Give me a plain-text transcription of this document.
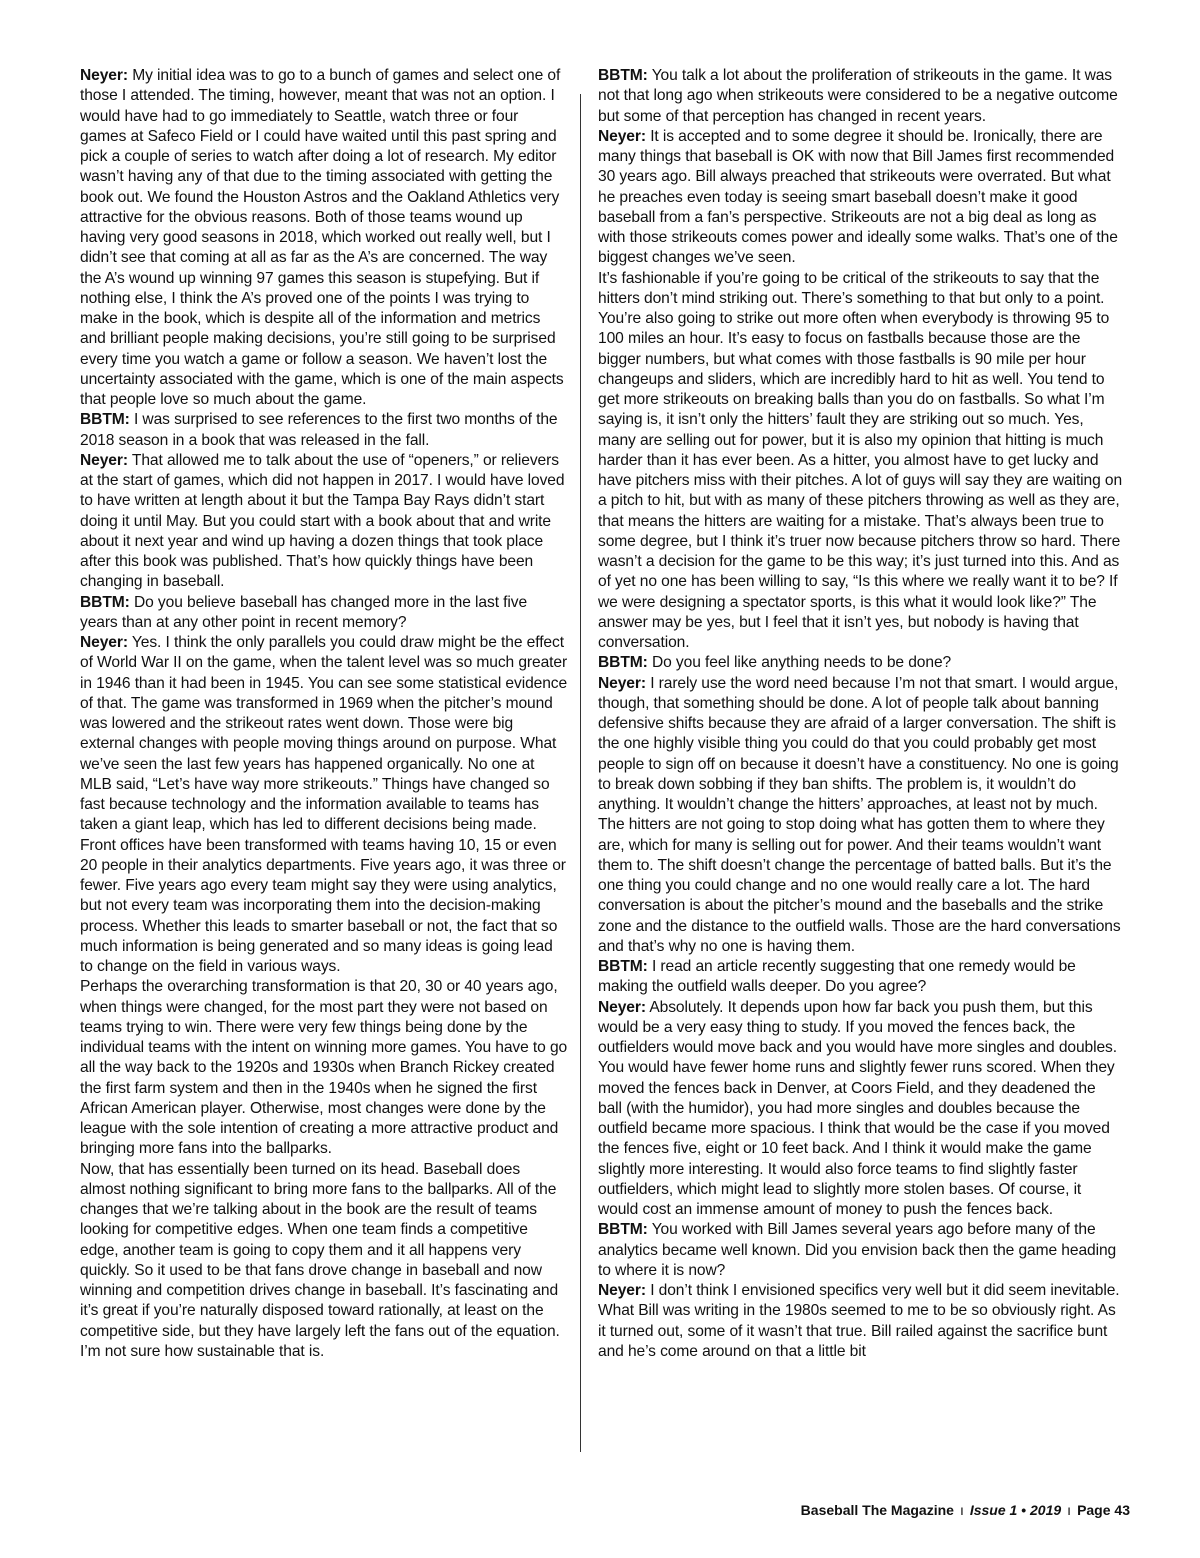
Neyer: My initial idea was to go to a bunch of games and select one of those I attended. The timing, however, meant that was not an option. I would have had to go immediately to Seattle, watch three or four games at Safeco Field or I could have waited until this past spring and pick a couple of series to watch after doing a lot of research. My editor wasn’t having any of that due to the timing associated with getting the book out. We found the Houston Astros and the Oakland Athletics very attractive for the obvious reasons. Both of those teams wound up having very good seasons in 2018, which worked out really well, but I didn’t see that coming at all as far as the A’s are concerned. The way the A’s wound up winning 97 games this season is stupefying. But if nothing else, I think the A’s proved one of the points I was trying to make in the book, which is despite all of the information and metrics and brilliant people making decisions, you’re still going to be surprised every time you watch a game or follow a season. We haven’t lost the uncertainty associated with the game, which is one of the main aspects that people love so much about the game.

BBTM: I was surprised to see references to the first two months of the 2018 season in a book that was released in the fall.

Neyer: That allowed me to talk about the use of “openers,” or relievers at the start of games, which did not happen in 2017. I would have loved to have written at length about it but the Tampa Bay Rays didn’t start doing it until May. But you could start with a book about that and write about it next year and wind up having a dozen things that took place after this book was published. That’s how quickly things have been changing in baseball.

BBTM: Do you believe baseball has changed more in the last five years than at any other point in recent memory?

Neyer: Yes. I think the only parallels you could draw might be the effect of World War II on the game, when the talent level was so much greater in 1946 than it had been in 1945. You can see some statistical evidence of that. The game was transformed in 1969 when the pitcher’s mound was lowered and the strikeout rates went down. Those were big external changes with people moving things around on purpose. What we’ve seen the last few years has happened organically. No one at MLB said, “Let’s have way more strikeouts.” Things have changed so fast because technology and the information available to teams has taken a giant leap, which has led to different decisions being made. Front offices have been transformed with teams having 10, 15 or even 20 people in their analytics departments. Five years ago, it was three or fewer. Five years ago every team might say they were using analytics, but not every team was incorporating them into the decision-making process. Whether this leads to smarter baseball or not, the fact that so much information is being generated and so many ideas is going lead to change on the field in various ways.

Perhaps the overarching transformation is that 20, 30 or 40 years ago, when things were changed, for the most part they were not based on teams trying to win. There were very few things being done by the individual teams with the intent on winning more games. You have to go all the way back to the 1920s and 1930s when Branch Rickey created the first farm system and then in the 1940s when he signed the first African American player. Otherwise, most changes were done by the league with the sole intention of creating a more attractive product and bringing more fans into the ballparks.

Now, that has essentially been turned on its head. Baseball does almost nothing significant to bring more fans to the ballparks. All of the changes that we’re talking about in the book are the result of teams looking for competitive edges. When one team finds a competitive edge, another team is going to copy them and it all happens very quickly. So it used to be that fans drove change in baseball and now winning and competition drives change in baseball. It’s fascinating and it’s great if you’re naturally disposed toward rationally, at least on the competitive side, but they have largely left the fans out of the equation. I’m not sure how sustainable that is.

BBTM: You talk a lot about the proliferation of strikeouts in the game. It was not that long ago when strikeouts were considered to be a negative outcome but some of that perception has changed in recent years.

Neyer: It is accepted and to some degree it should be. Ironically, there are many things that baseball is OK with now that Bill James first recommended 30 years ago. Bill always preached that strikeouts were overrated. But what he preaches even today is seeing smart baseball doesn’t make it good baseball from a fan’s perspective. Strikeouts are not a big deal as long as with those strikeouts comes power and ideally some walks. That’s one of the biggest changes we’ve seen.

It’s fashionable if you’re going to be critical of the strikeouts to say that the hitters don’t mind striking out. There’s something to that but only to a point. You’re also going to strike out more often when everybody is throwing 95 to 100 miles an hour. It’s easy to focus on fastballs because those are the bigger numbers, but what comes with those fastballs is 90 mile per hour changeups and sliders, which are incredibly hard to hit as well. You tend to get more strikeouts on breaking balls than you do on fastballs. So what I’m saying is, it isn’t only the hitters’ fault they are striking out so much. Yes, many are selling out for power, but it is also my opinion that hitting is much harder than it has ever been. As a hitter, you almost have to get lucky and have pitchers miss with their pitches. A lot of guys will say they are waiting on a pitch to hit, but with as many of these pitchers throwing as well as they are, that means the hitters are waiting for a mistake. That’s always been true to some degree, but I think it’s truer now because pitchers throw so hard. There wasn’t a decision for the game to be this way; it’s just turned into this. And as of yet no one has been willing to say, “Is this where we really want it to be? If we were designing a spectator sports, is this what it would look like?” The answer may be yes, but I feel that it isn’t yes, but nobody is having that conversation.

BBTM: Do you feel like anything needs to be done?

Neyer: I rarely use the word need because I’m not that smart. I would argue, though, that something should be done. A lot of people talk about banning defensive shifts because they are afraid of a larger conversation. The shift is the one highly visible thing you could do that you could probably get most people to sign off on because it doesn’t have a constituency. No one is going to break down sobbing if they ban shifts. The problem is, it wouldn’t do anything. It wouldn’t change the hitters’ approaches, at least not by much. The hitters are not going to stop doing what has gotten them to where they are, which for many is selling out for power. And their teams wouldn’t want them to. The shift doesn’t change the percentage of batted balls. But it’s the one thing you could change and no one would really care a lot. The hard conversation is about the pitcher’s mound and the baseballs and the strike zone and the distance to the outfield walls. Those are the hard conversations and that’s why no one is having them.

BBTM: I read an article recently suggesting that one remedy would be making the outfield walls deeper. Do you agree?

Neyer: Absolutely. It depends upon how far back you push them, but this would be a very easy thing to study. If you moved the fences back, the outfielders would move back and you would have more singles and doubles. You would have fewer home runs and slightly fewer runs scored. When they moved the fences back in Denver, at Coors Field, and they deadened the ball (with the humidor), you had more singles and doubles because the outfield became more spacious. I think that would be the case if you moved the fences five, eight or 10 feet back. And I think it would make the game slightly more interesting. It would also force teams to find slightly faster outfielders, which might lead to slightly more stolen bases. Of course, it would cost an immense amount of money to push the fences back.

BBTM: You worked with Bill James several years ago before many of the analytics became well known. Did you envision back then the game heading to where it is now?

Neyer: I don’t think I envisioned specifics very well but it did seem inevitable. What Bill was writing in the 1980s seemed to me to be so obviously right. As it turned out, some of it wasn’t that true. Bill railed against the sacrifice bunt and he’s come around on that a little bit

Baseball The Magazine ı Issue 1 • 2019 ı Page 43
